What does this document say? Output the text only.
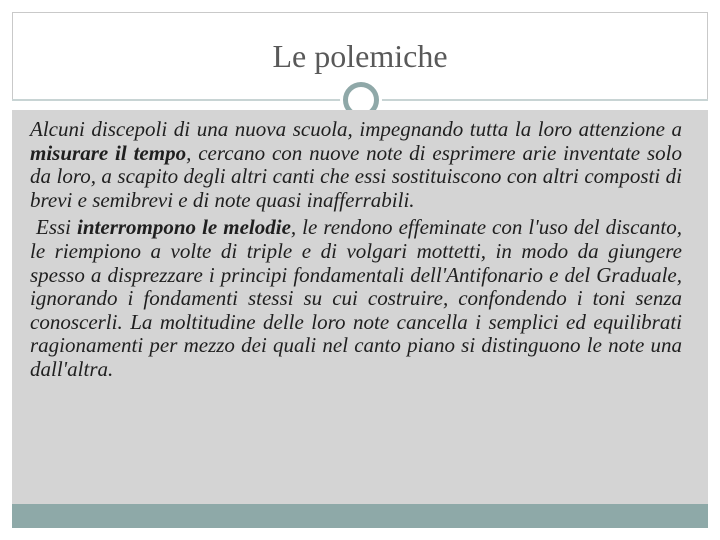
Le polemiche

Alcuni discepoli di una nuova scuola, impegnando tutta la loro attenzione a misurare il tempo, cercano con nuove note di esprimere arie inventate solo da loro, a scapito degli altri canti che essi sostituiscono con altri composti di brevi e semibrevi e di note quasi inafferrabili.

Essi interrompono le melodie, le rendono effeminate con l'uso del discanto, le riempiono a volte di triple e di volgari mottetti, in modo da giungere spesso a disprezzare i principi fondamentali dell'Antifonario e del Graduale, ignorando i fondamenti stessi su cui costruire, confondendo i toni senza conoscerli. La moltitudine delle loro note cancella i semplici ed equilibrati ragionamenti per mezzo dei quali nel canto piano si distinguono le note una dall'altra.
